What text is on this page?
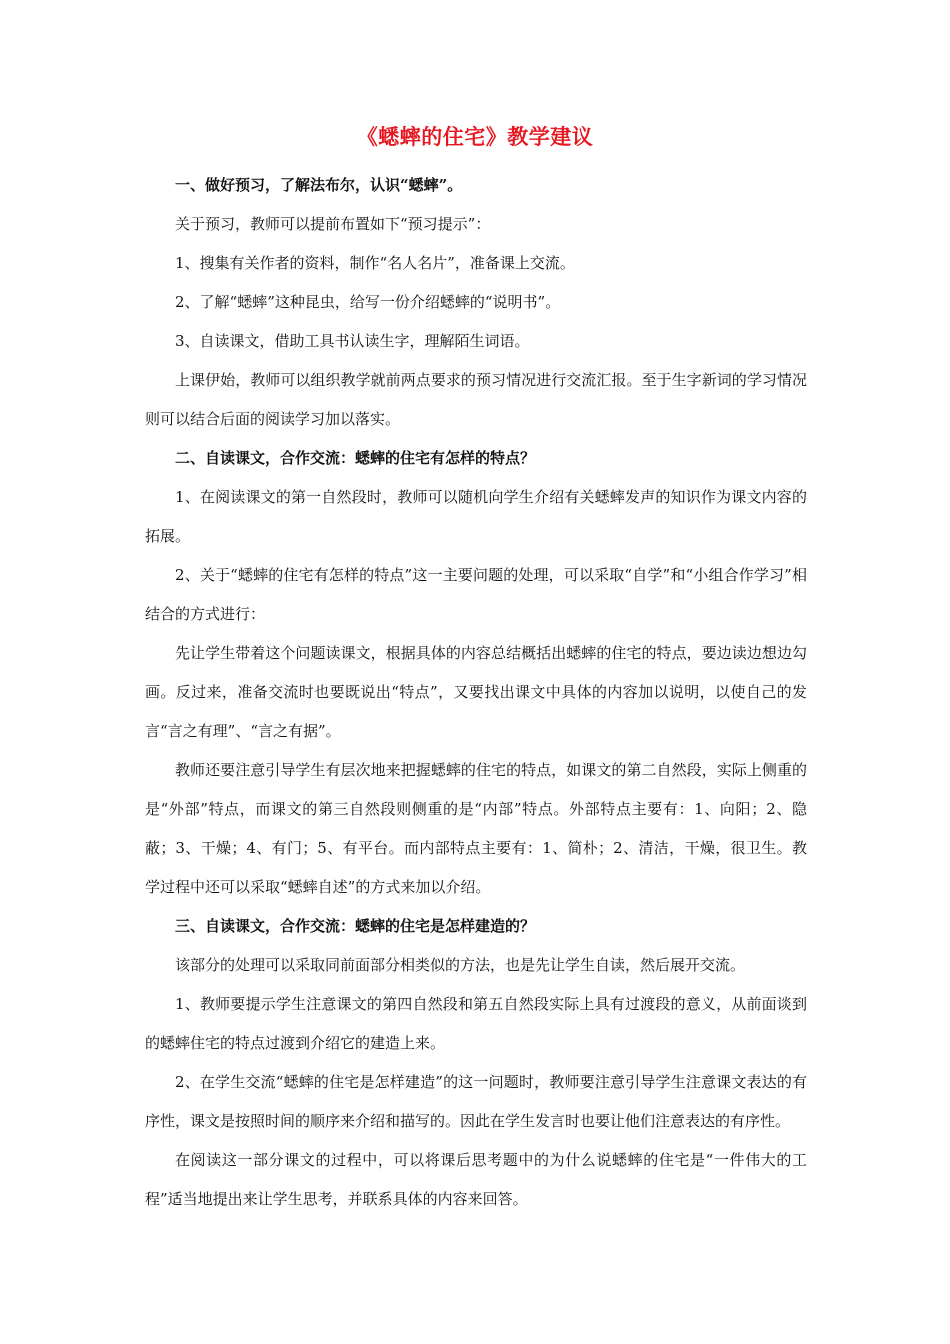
《蟋蟀的住宅》教学建议

一、做好预习，了解法布尔，认识“蟋蟀”。

关于预习，教师可以提前布置如下“预习提示”：

1、搜集有关作者的资料，制作“名人名片”，准备课上交流。

2、了解“蟋蟀”这种昆虫，给写一份介绍蟋蟀的“说明书”。

3、自读课文，借助工具书认读生字，理解陌生词语。

上课伊始，教师可以组织教学就前两点要求的预习情况进行交流汇报。至于生字新词的学习情况则可以结合后面的阅读学习加以落实。

二、自读课文，合作交流：蟋蟀的住宅有怎样的特点？

1、在阅读课文的第一自然段时，教师可以随机向学生介绍有关蟋蟀发声的知识作为课文内容的拓展。

2、关于“蟋蟀的住宅有怎样的特点”这一主要问题的处理，可以采取“自学”和“小组合作学习”相结合的方式进行：

先让学生带着这个问题读课文，根据具体的内容总结概括出蟋蟀的住宅的特点，要边读边想边勾画。反过来，准备交流时也要既说出“特点”，又要找出课文中具体的内容加以说明，以使自己的发言“言之有理”、“言之有据”。

教师还要注意引导学生有层次地来把握蟋蟀的住宅的特点，如课文的第二自然段，实际上侧重的是“外部”特点，而课文的第三自然段则侧重的是“内部”特点。外部特点主要有：1、向阳；2、隐蔽；3、干燥；4、有门；5、有平台。而内部特点主要有：1、简朴；2、清洁，干燥，很卫生。教学过程中还可以采取“蟋蟀自述”的方式来加以介绍。

三、自读课文，合作交流：蟋蟀的住宅是怎样建造的？

该部分的处理可以采取同前面部分相类似的方法，也是先让学生自读，然后展开交流。

1、教师要提示学生注意课文的第四自然段和第五自然段实际上具有过渡段的意义，从前面谈到的蟋蟀住宅的特点过渡到介绍它的建造上来。

2、在学生交流“蟋蟀的住宅是怎样建造”的这一问题时，教师要注意引导学生注意课文表达的有序性，课文是按照时间的顺序来介绍和描写的。因此在学生发言时也要让他们注意表达的有序性。

在阅读这一部分课文的过程中，可以将课后思考题中的为什么说蟋蟀的住宅是“一件伟大的工程”适当地提出来让学生思考，并联系具体的内容来回答。
